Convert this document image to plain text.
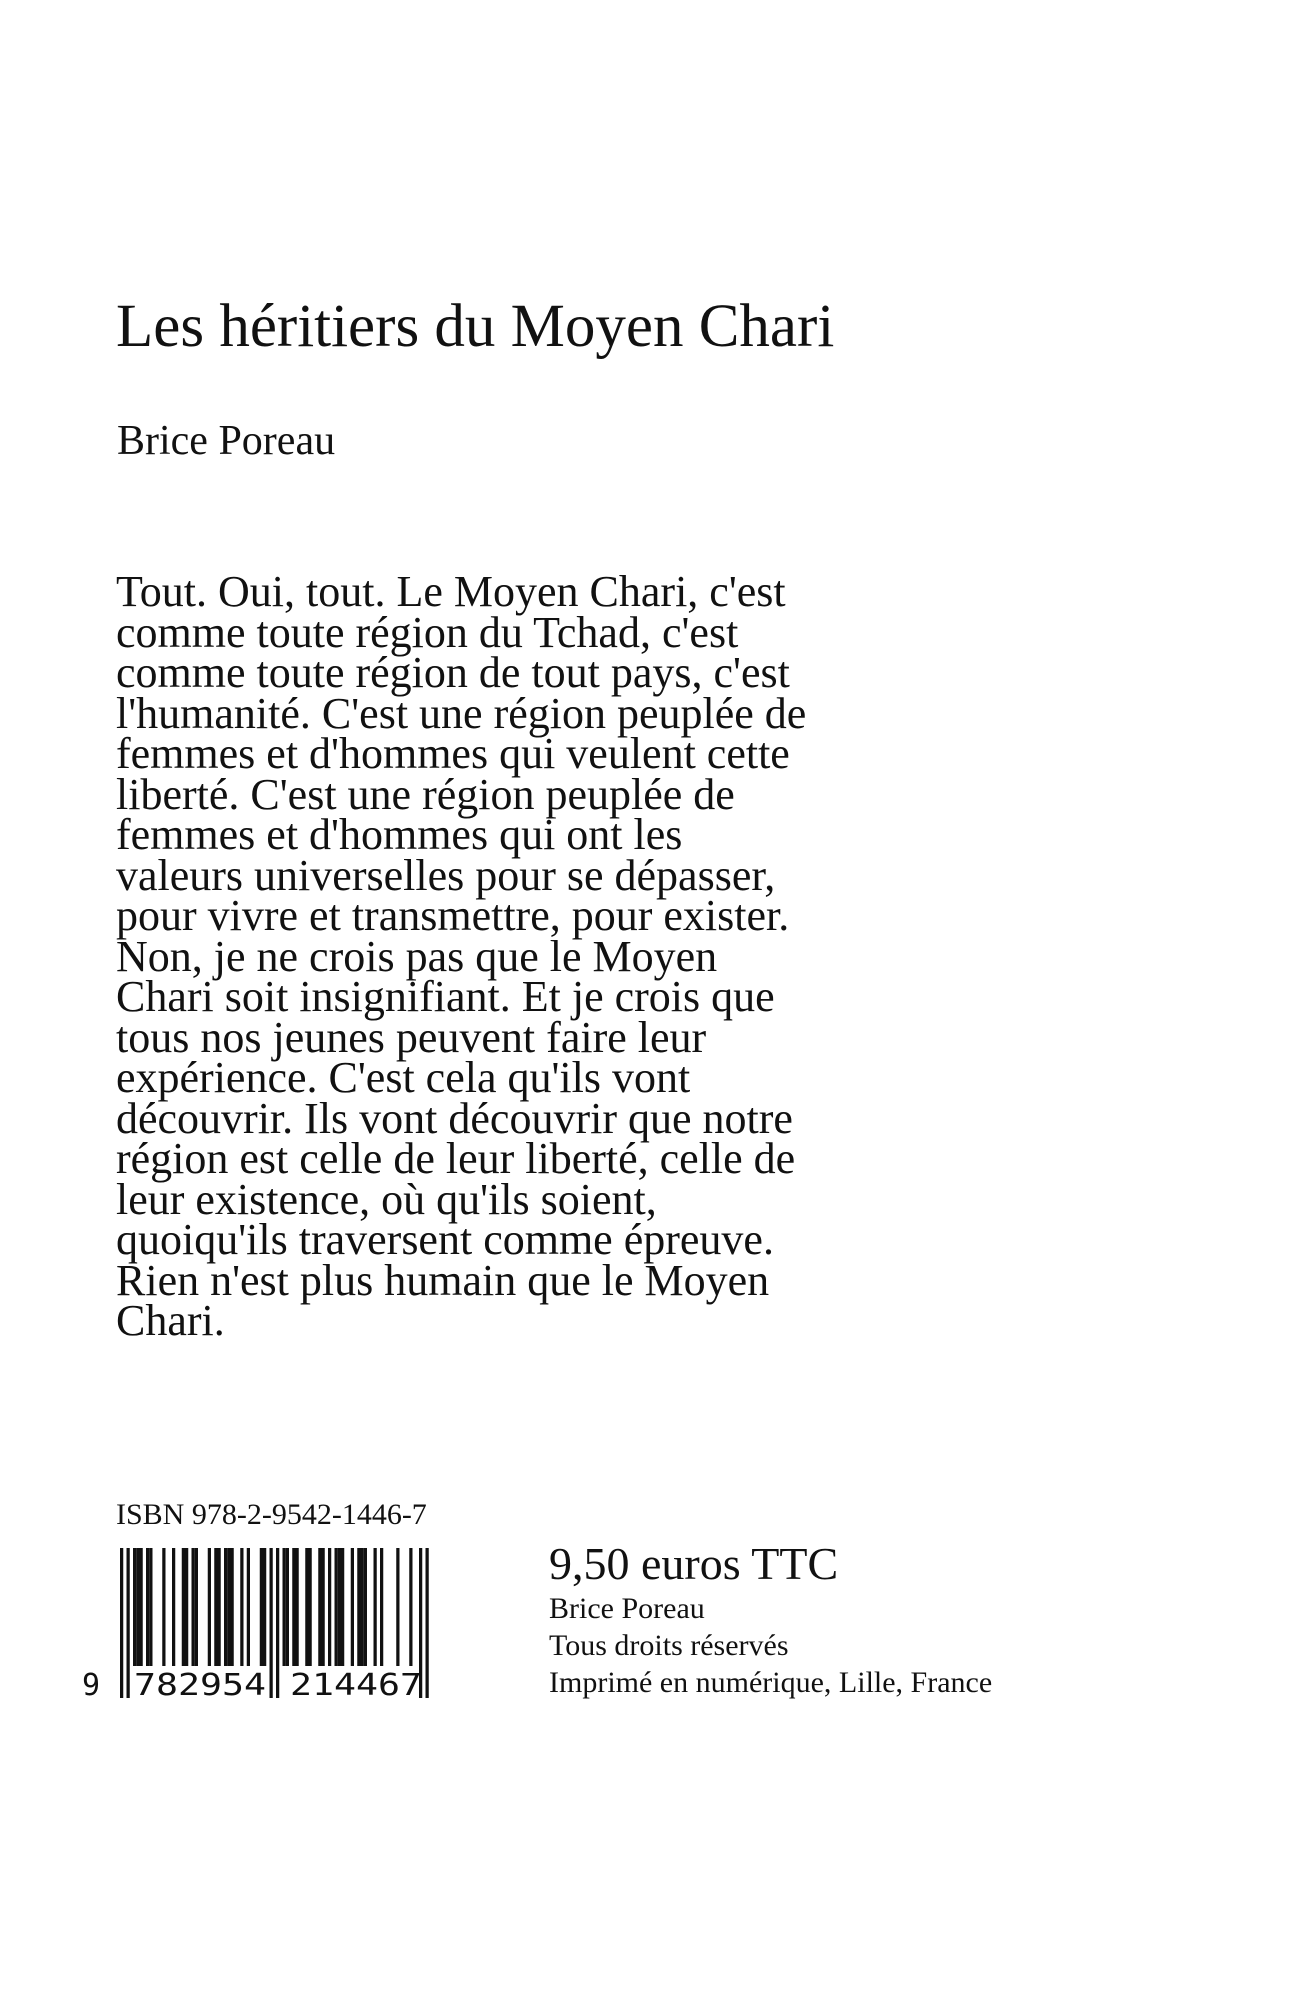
Les héritiers du Moyen Chari
Brice Poreau
Tout. Oui, tout. Le Moyen Chari, c'est
comme toute région du Tchad, c'est
comme toute région de tout pays, c'est
l'humanité. C'est une région peuplée de
femmes et d'hommes qui veulent cette
liberté. C'est une région peuplée de
femmes et d'hommes qui ont les
valeurs universelles pour se dépasser,
pour vivre et transmettre, pour exister.
Non, je ne crois pas que le Moyen
Chari soit insignifiant. Et je crois que
tous nos jeunes peuvent faire leur
expérience. C'est cela qu'ils vont
découvrir. Ils vont découvrir que notre
région est celle de leur liberté, celle de
leur existence, où qu'ils soient,
quoiqu'ils traversent comme épreuve.
Rien n'est plus humain que le Moyen
Chari.
ISBN 978-2-9542-1446-7
9 782954 214467
9,50 euros TTC
Brice Poreau
Tous droits réservés
Imprimé en numérique, Lille, France
